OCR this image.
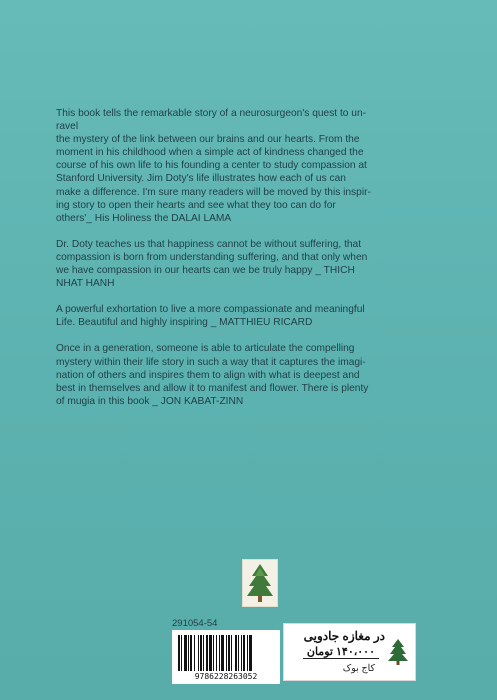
This book tells the remarkable story of a neurosurgeon's quest to un-
ravel
the mystery of the link between our brains and our hearts. From the
moment in his childhood when a simple act of kindness changed the
course of his own life to his founding a center to study compassion at
Stanford University. Jim Doty's life illustrates how each of us can
make a difference. I'm sure many readers will be moved by this inspir-
ing story to open their hearts and see what they too can do for
others'_ His Holiness the DALAI LAMA

Dr. Doty teaches us that happiness cannot be without suffering, that
compassion is born from understanding suffering, and that only when
we have compassion in our hearts can we be truly happy _ THICH
NHAT HANH

A powerful exhortation to live a more compassionate and meaningful
Life. Beautiful and highly inspiring _ MATTHIEU RICARD

Once in a generation, someone is able to articulate the compelling
mystery within their life story in such a way that it captures the imagi-
nation of others and inspires them to align with what is deepest and
best in themselves and allow it to manifest and flower. There is plenty
of mugia in this book _ JON KABAT-ZINN

291054-54
9786228263052
در مغازه جادویی
۱۴۰،۰۰۰ تومان
کاج بوک
